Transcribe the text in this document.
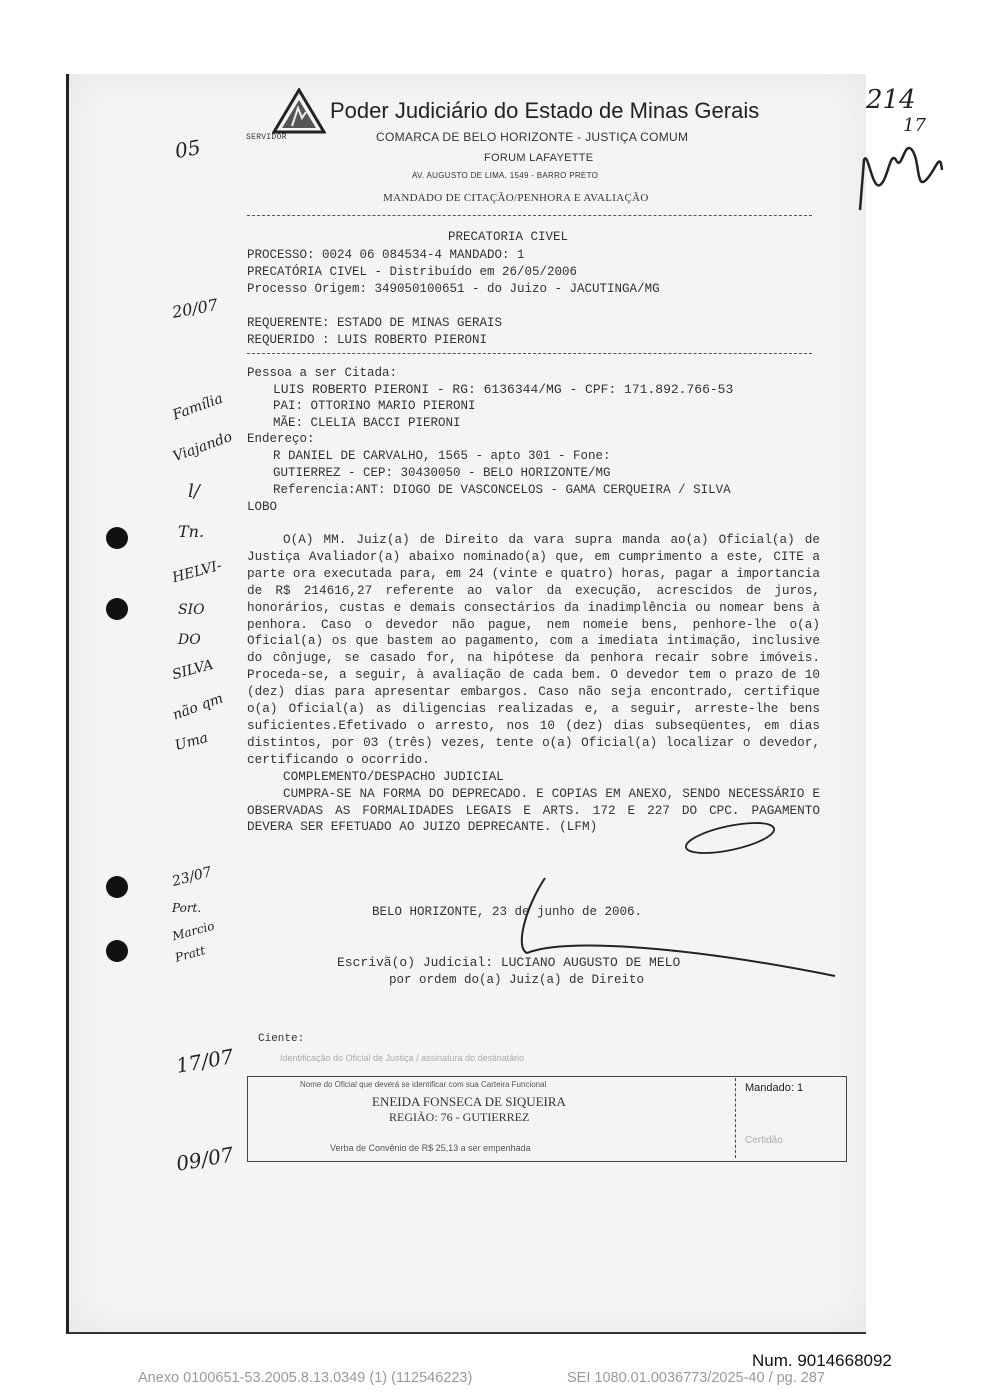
Poder Judiciário do Estado de Minas Gerais
SERVIDOR	COMARCA DE BELO HORIZONTE - JUSTIÇA COMUM
FORUM LAFAYETTE
AV. AUGUSTO DE LIMA, 1549 - BARRO PRETO
MANDADO DE CITAÇÃO/PENHORA E AVALIAÇÃO
PRECATORIA CIVEL
PROCESSO: 0024 06 084534-4 MANDADO: 1
PRECATÓRIA CIVEL - Distribuído em 26/05/2006
Processo Origem: 349050100651 - do Juizo - JACUTINGA/MG
REQUERENTE: ESTADO DE MINAS GERAIS
REQUERIDO : LUIS ROBERTO PIERONI
Pessoa a ser Citada:
LUIS ROBERTO PIERONI - RG: 6136344/MG - CPF: 171.892.766-53
PAI: OTTORINO MARIO PIERONI
MÃE: CLELIA BACCI PIERONI
Endereço:
R DANIEL DE CARVALHO, 1565 - apto 301 - Fone:
GUTIERREZ - CEP: 30430050 - BELO HORIZONTE/MG
Referencia:ANT: DIOGO DE VASCONCELOS - GAMA CERQUEIRA / SILVA
LOBO

O(A) MM. Juiz(a) de Direito da vara supra manda ao(a) Oficial(a) de Justiça Avaliador(a) abaixo nominado(a) que, em cumprimento a este, CITE a parte ora executada para, em 24 (vinte e quatro) horas, pagar a importancia de R$ 214616,27 referente ao valor da execução, acrescidos de juros, honorários, custas e demais consectários da inadimplência ou nomear bens à penhora. Caso o devedor não pague, nem nomeie bens, penhore-lhe o(a) Oficial(a) os que bastem ao pagamento, com a imediata intimação, inclusive do cônjuge, se casado for, na hipótese da penhora recair sobre imóveis. Proceda-se, a seguir, à avaliação de cada bem. O devedor tem o prazo de 10 (dez) dias para apresentar embargos. Caso não seja encontrado, certifique o(a) Oficial(a) as diligencias realizadas e, a seguir, arreste-lhe bens suficientes.Efetivado o arresto, nos 10 (dez) dias subseqüentes, em dias distintos, por 03 (três) vezes, tente o(a) Oficial(a) localizar o devedor, certificando o ocorrido.

COMPLEMENTO/DESPACHO JUDICIAL

CUMPRA-SE NA FORMA DO DEPRECADO. E COPIAS EM ANEXO, SENDO NECESSÁRIO E OBSERVADAS AS FORMALIDADES LEGAIS E ARTS. 172 E 227 DO CPC. PAGAMENTO DEVERA SER EFETUADO AO JUIZO DEPRECANTE. (LFM)

BELO HORIZONTE, 23 de junho de 2006.
Escrivã(o) Judicial: LUCIANO AUGUSTO DE MELO
por ordem do(a) Juiz(a) de Direito
Ciente:
Identificação do Oficial de Justiça / assinatura do destinatário
Nome do Oficial que deverá se identificar com sua Carteira Funcional
ENEIDA FONSECA DE SIQUEIRA
REGIÃO: 76 - GUTIERREZ
Verba de Convênio de R$ 25,13 a ser empenhada
Mandado: 1
Certidão
214
17
05
20/07
Família
Viajando
l/
Tn.
HELVI-
SIO
DO
SILVA
não qm
Uma
23/07
Port.
Marcio
Pratt
17/07
09/07
Num. 9014668092
Anexo 0100651-53.2005.8.13.0349 (1) (112546223)	SEI 1080.01.0036773/2025-40 / pg. 287
